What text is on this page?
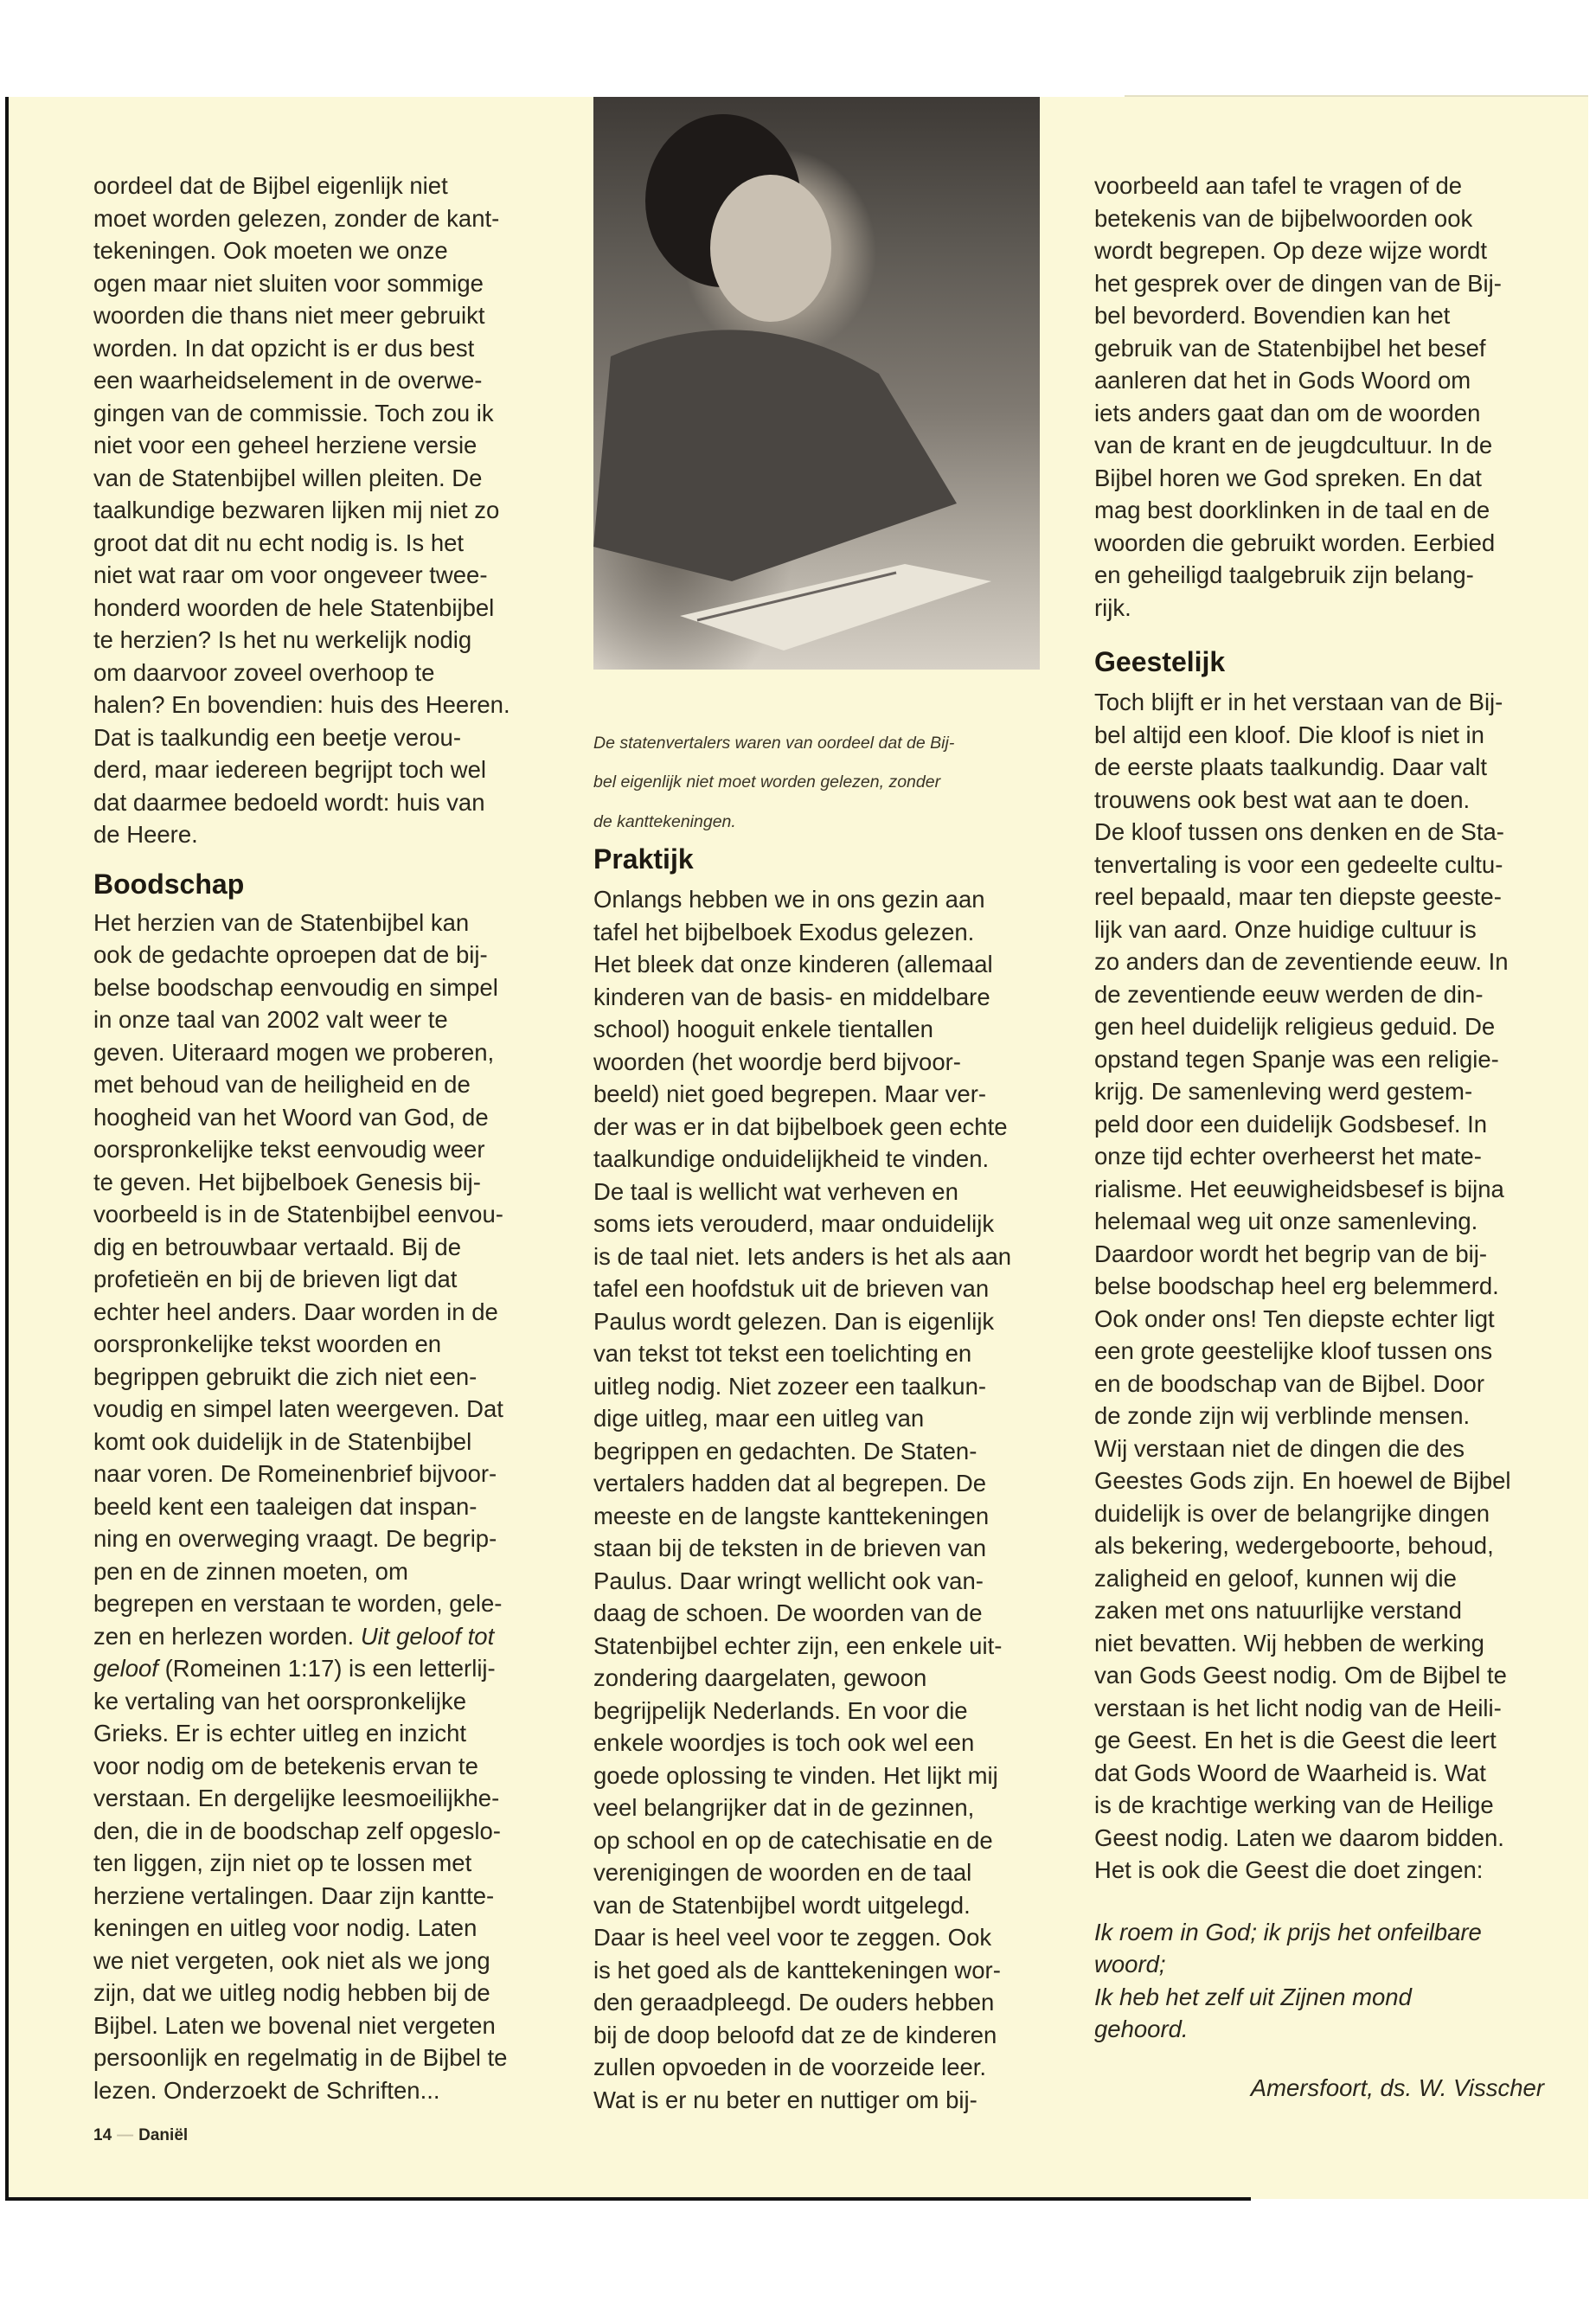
oordeel dat de Bijbel eigenlijk niet

moet worden gelezen, zonder de kant-

tekeningen. Ook moeten we onze

ogen maar niet sluiten voor sommige

woorden die thans niet meer gebruikt

worden. In dat opzicht is er dus best

een waarheidselement in de overwe-

gingen van de commissie. Toch zou ik

niet voor een geheel herziene versie

van de Statenbijbel willen pleiten. De

taalkundige bezwaren lijken mij niet zo

groot dat dit nu echt nodig is. Is het

niet wat raar om voor ongeveer twee-

honderd woorden de hele Statenbijbel

te herzien? Is het nu werkelijk nodig

om daarvoor zoveel overhoop te

halen? En bovendien: huis des Heeren.

Dat is taalkundig een beetje verou-

derd, maar iedereen begrijpt toch wel

dat daarmee bedoeld wordt: huis van

de Heere.

Boodschap

Het herzien van de Statenbijbel kan

ook de gedachte oproepen dat de bij-

belse boodschap eenvoudig en simpel

in onze taal van 2002 valt weer te

geven. Uiteraard mogen we proberen,

met behoud van de heiligheid en de

hoogheid van het Woord van God, de

oorspronkelijke tekst eenvoudig weer

te geven. Het bijbelboek Genesis bij-

voorbeeld is in de Statenbijbel eenvou-

dig en betrouwbaar vertaald. Bij de

profetieën en bij de brieven ligt dat

echter heel anders. Daar worden in de

oorspronkelijke tekst woorden en

begrippen gebruikt die zich niet een-

voudig en simpel laten weergeven. Dat

komt ook duidelijk in de Statenbijbel

naar voren. De Romeinenbrief bijvoor-

beeld kent een taaleigen dat inspan-

ning en overweging vraagt. De begrip-

pen en de zinnen moeten, om

begrepen en verstaan te worden, gele-

zen en herlezen worden. Uit geloof tot

geloof (Romeinen 1:17) is een letterlij-

ke vertaling van het oorspronkelijke

Grieks. Er is echter uitleg en inzicht

voor nodig om de betekenis ervan te

verstaan. En dergelijke leesmoeilijkhe-

den, die in de boodschap zelf opgeslo-

ten liggen, zijn niet op te lossen met

herziene vertalingen. Daar zijn kantte-

keningen en uitleg voor nodig. Laten

we niet vergeten, ook niet als we jong

zijn, dat we uitleg nodig hebben bij de

Bijbel. Laten we bovenal niet vergeten

persoonlijk en regelmatig in de Bijbel te

lezen. Onderzoekt de Schriften...

De statenvertalers waren van oordeel dat de Bij-

bel eigenlijk niet moet worden gelezen, zonder

de kanttekeningen.

Praktijk

Onlangs hebben we in ons gezin aan

tafel het bijbelboek Exodus gelezen.

Het bleek dat onze kinderen (allemaal

kinderen van de basis- en middelbare

school) hooguit enkele tientallen

woorden (het woordje berd bijvoor-

beeld) niet goed begrepen. Maar ver-

der was er in dat bijbelboek geen echte

taalkundige onduidelijkheid te vinden.

De taal is wellicht wat verheven en

soms iets verouderd, maar onduidelijk

is de taal niet. Iets anders is het als aan

tafel een hoofdstuk uit de brieven van

Paulus wordt gelezen. Dan is eigenlijk

van tekst tot tekst een toelichting en

uitleg nodig. Niet zozeer een taalkun-

dige uitleg, maar een uitleg van

begrippen en gedachten. De Staten-

vertalers hadden dat al begrepen. De

meeste en de langste kanttekeningen

staan bij de teksten in de brieven van

Paulus. Daar wringt wellicht ook van-

daag de schoen. De woorden van de

Statenbijbel echter zijn, een enkele uit-

zondering daargelaten, gewoon

begrijpelijk Nederlands. En voor die

enkele woordjes is toch ook wel een

goede oplossing te vinden. Het lijkt mij

veel belangrijker dat in de gezinnen,

op school en op de catechisatie en de

verenigingen de woorden en de taal

van de Statenbijbel wordt uitgelegd.

Daar is heel veel voor te zeggen. Ook

is het goed als de kanttekeningen wor-

den geraadpleegd. De ouders hebben

bij de doop beloofd dat ze de kinderen

zullen opvoeden in de voorzeide leer.

Wat is er nu beter en nuttiger om bij-

voorbeeld aan tafel te vragen of de

betekenis van de bijbelwoorden ook

wordt begrepen. Op deze wijze wordt

het gesprek over de dingen van de Bij-

bel bevorderd. Bovendien kan het

gebruik van de Statenbijbel het besef

aanleren dat het in Gods Woord om

iets anders gaat dan om de woorden

van de krant en de jeugdcultuur. In de

Bijbel horen we God spreken. En dat

mag best doorklinken in de taal en de

woorden die gebruikt worden. Eerbied

en geheiligd taalgebruik zijn belang-

rijk.

Geestelijk

Toch blijft er in het verstaan van de Bij-

bel altijd een kloof. Die kloof is niet in

de eerste plaats taalkundig. Daar valt

trouwens ook best wat aan te doen.

De kloof tussen ons denken en de Sta-

tenvertaling is voor een gedeelte cultu-

reel bepaald, maar ten diepste geeste-

lijk van aard. Onze huidige cultuur is

zo anders dan de zeventiende eeuw. In

de zeventiende eeuw werden de din-

gen heel duidelijk religieus geduid. De

opstand tegen Spanje was een religie-

krijg. De samenleving werd gestem-

peld door een duidelijk Godsbesef. In

onze tijd echter overheerst het mate-

rialisme. Het eeuwigheidsbesef is bijna

helemaal weg uit onze samenleving.

Daardoor wordt het begrip van de bij-

belse boodschap heel erg belemmerd.

Ook onder ons! Ten diepste echter ligt

een grote geestelijke kloof tussen ons

en de boodschap van de Bijbel. Door

de zonde zijn wij verblinde mensen.

Wij verstaan niet de dingen die des

Geestes Gods zijn. En hoewel de Bijbel

duidelijk is over de belangrijke dingen

als bekering, wedergeboorte, behoud,

zaligheid en geloof, kunnen wij die

zaken met ons natuurlijke verstand

niet bevatten. Wij hebben de werking

van Gods Geest nodig. Om de Bijbel te

verstaan is het licht nodig van de Heili-

ge Geest. En het is die Geest die leert

dat Gods Woord de Waarheid is. Wat

is de krachtige werking van de Heilige

Geest nodig. Laten we daarom bidden.

Het is ook die Geest die doet zingen:

Ik roem in God; ik prijs het onfeilbare

woord;

Ik heb het zelf uit Zijnen mond

gehoord.

Amersfoort, ds. W. Visscher
14 — Daniël
